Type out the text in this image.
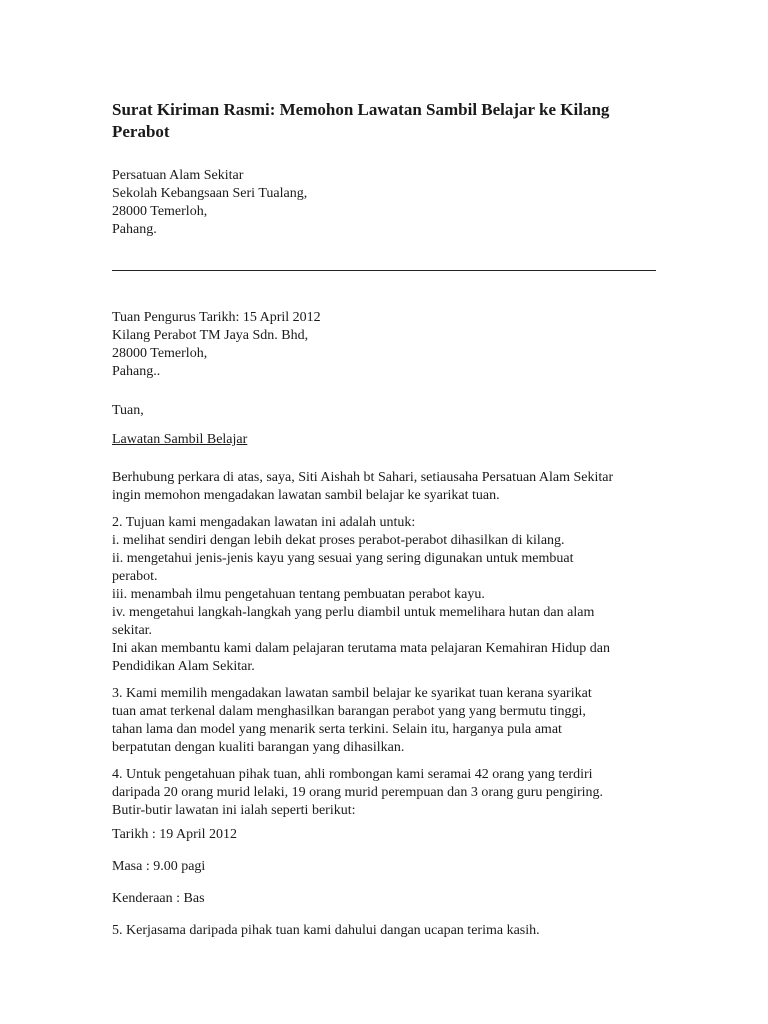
Surat Kiriman Rasmi: Memohon Lawatan Sambil Belajar ke Kilang Perabot
Persatuan Alam Sekitar
Sekolah Kebangsaan Seri Tualang,
28000 Temerloh,
Pahang.
Tuan Pengurus Tarikh: 15 April 2012
Kilang Perabot TM Jaya Sdn. Bhd,
28000 Temerloh,
Pahang..

Tuan,

Lawatan Sambil Belajar

Berhubung perkara di atas, saya, Siti Aishah bt Sahari, setiausaha Persatuan Alam Sekitar
ingin memohon mengadakan lawatan sambil belajar ke syarikat tuan.
2. Tujuan kami mengadakan lawatan ini adalah untuk:
i. melihat sendiri dengan lebih dekat proses perabot-perabot dihasilkan di kilang.
ii. mengetahui jenis-jenis kayu yang sesuai yang sering digunakan untuk membuat
perabot.
iii. menambah ilmu pengetahuan tentang pembuatan perabot kayu.
iv. mengetahui langkah-langkah yang perlu diambil untuk memelihara hutan dan alam
sekitar.
Ini akan membantu kami dalam pelajaran terutama mata pelajaran Kemahiran Hidup dan
Pendidikan Alam Sekitar.
3. Kami memilih mengadakan lawatan sambil belajar ke syarikat tuan kerana syarikat
tuan amat terkenal dalam menghasilkan barangan perabot yang yang bermutu tinggi,
tahan lama dan model yang menarik serta terkini. Selain itu, harganya pula amat
berpatutan dengan kualiti barangan yang dihasilkan.
4. Untuk pengetahuan pihak tuan, ahli rombongan kami seramai 42 orang yang terdiri
daripada 20 orang murid lelaki, 19 orang murid perempuan dan 3 orang guru pengiring.
Butir-butir lawatan ini ialah seperti berikut:

Tarikh : 19 April 2012

Masa : 9.00 pagi

Kenderaan : Bas

5. Kerjasama daripada pihak tuan kami dahului dangan ucapan terima kasih.
